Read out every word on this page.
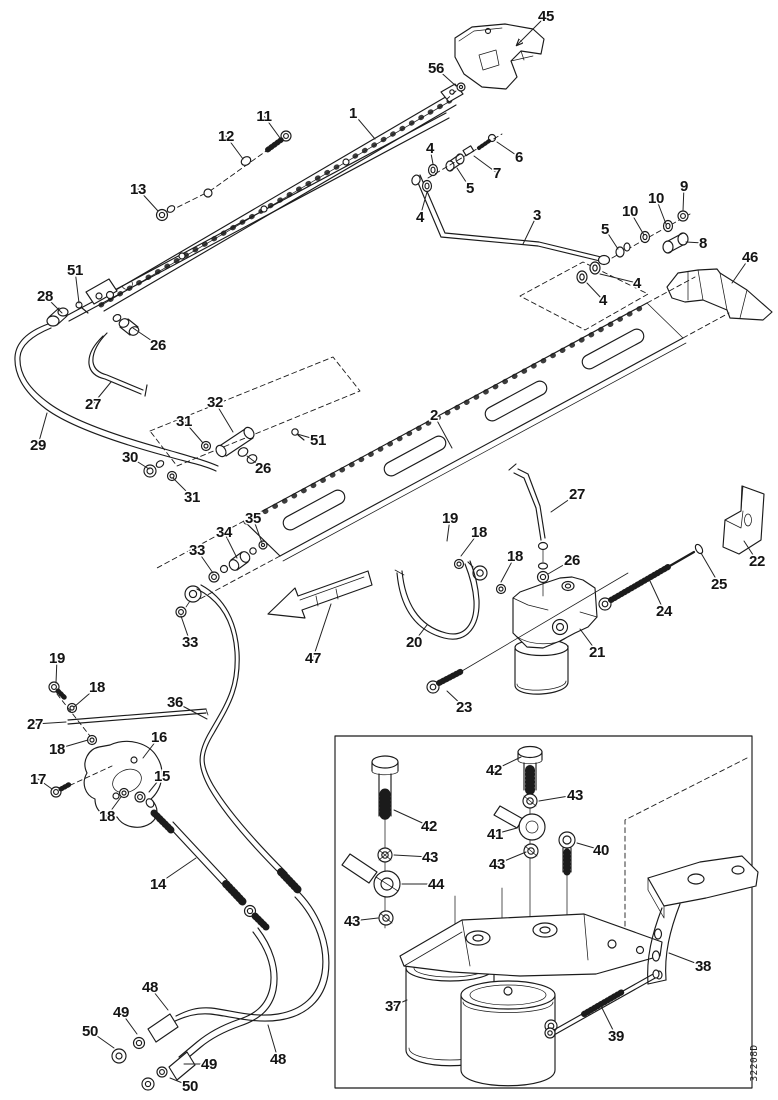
45
56
11
12
1
13
4
6
7
5
4	3
5
10
10
9
8
46
4
4
51
28
26
27
29
32
31
30
31
26
51
2
35
34
33
33
47
36
19
18
27
18
16
17	15
18
14
48
49
50
49
50
48
19
18
18	26
27
22
25
24
21
20
23
42
43
41
43
40
42
43
44
43
37
38
39
32208D
